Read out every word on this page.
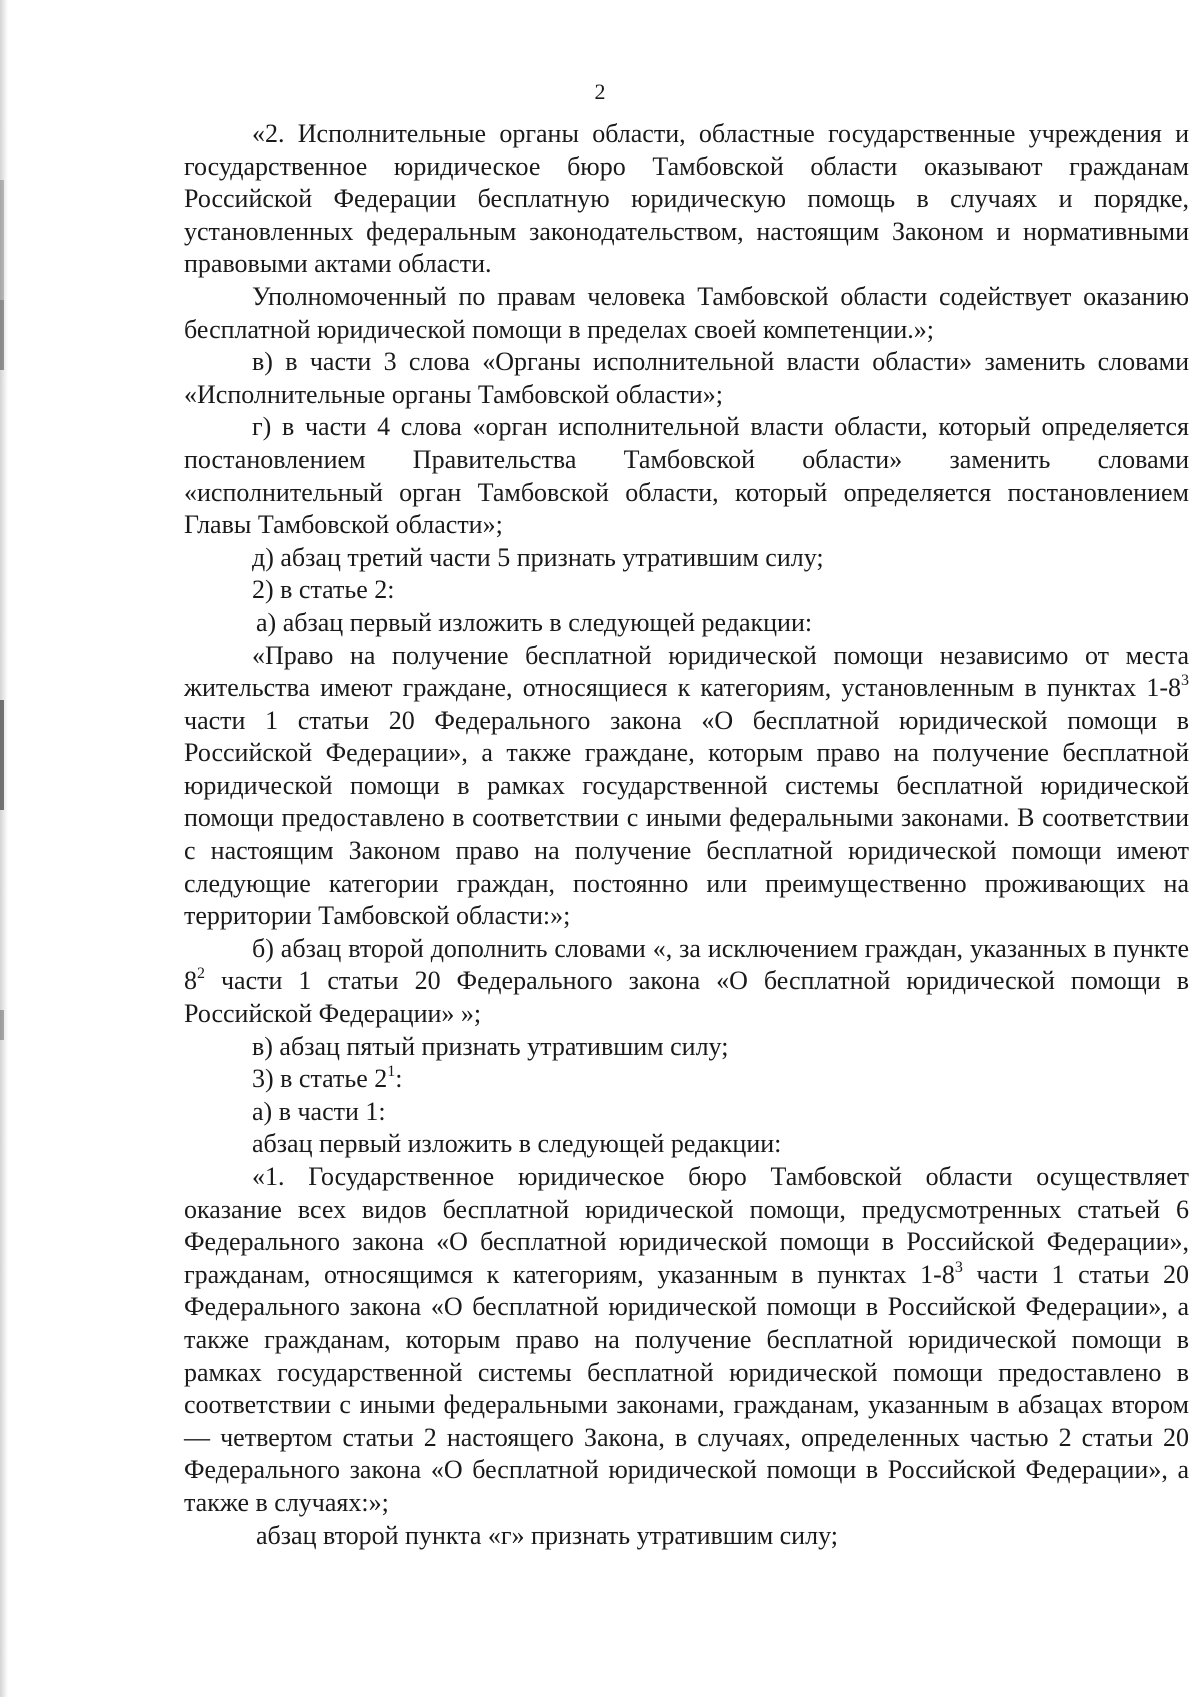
2

«2. Исполнительные органы области, областные государственные учреждения и государственное юридическое бюро Тамбовской области оказывают гражданам Российской Федерации бесплатную юридическую помощь в случаях и порядке, установленных федеральным законодательством, настоящим Законом и нормативными правовыми актами области.

Уполномоченный по правам человека Тамбовской области содействует оказанию бесплатной юридической помощи в пределах своей компетенции.»;

в) в части 3 слова «Органы исполнительной власти области» заменить словами «Исполнительные органы Тамбовской области»;

г) в части 4 слова «орган исполнительной власти области, который определяется постановлением Правительства Тамбовской области» заменить словами «исполнительный орган Тамбовской области, который определяется постановлением Главы Тамбовской области»;

д) абзац третий части 5 признать утратившим силу;

2) в статье 2:

а) абзац первый изложить в следующей редакции:

«Право на получение бесплатной юридической помощи независимо от места жительства имеют граждане, относящиеся к категориям, установленным в пунктах $1-8^3$ части 1 статьи 20 Федерального закона «О бесплатной юридической помощи в Российской Федерации», а также граждане, которым право на получение бесплатной юридической помощи в рамках государственной системы бесплатной юридической помощи предоставлено в соответствии с иными федеральными законами. В соответствии с настоящим Законом право на получение бесплатной юридической помощи имеют следующие категории граждан, постоянно или преимущественно проживающих на территории Тамбовской области:»;

б) абзац второй дополнить словами «, за исключением граждан, указанных в пункте $8^2$ части 1 статьи 20 Федерального закона «О бесплатной юридической помощи в Российской Федерации» »;

в) абзац пятый признать утратившим силу;

3) в статье $2^1$:

а) в части 1:

абзац первый изложить в следующей редакции:

«1. Государственное юридическое бюро Тамбовской области осуществляет оказание всех видов бесплатной юридической помощи, предусмотренных статьей 6 Федерального закона «О бесплатной юридической помощи в Российской Федерации», гражданам, относящимся к категориям, указанным в пунктах $1-8^3$ части 1 статьи 20 Федерального закона «О бесплатной юридической помощи в Российской Федерации», а также гражданам, которым право на получение бесплатной юридической помощи в рамках государственной системы бесплатной юридической помощи предоставлено в соответствии с иными федеральными законами, гражданам, указанным в абзацах втором — четвертом статьи 2 настоящего Закона, в случаях, определенных частью 2 статьи 20 Федерального закона «О бесплатной юридической помощи в Российской Федерации», а также в случаях:»;

абзац второй пункта «г» признать утратившим силу;
